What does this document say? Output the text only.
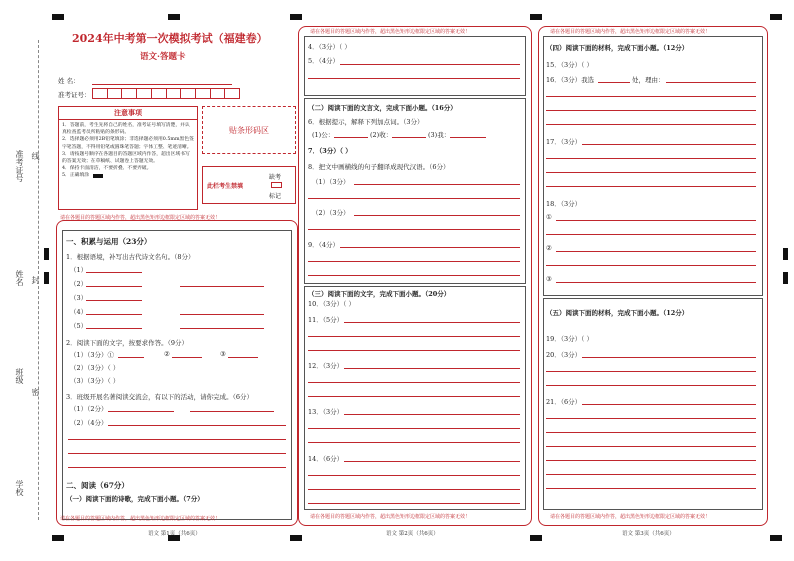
准考证号 线
姓名 封
班级
密
学校
2024年中考第一次模拟考试（福建卷）
语文·答题卡
姓 名：
准考证号：
注意事项
1．答题前，考生先将自己的姓名，准考证号填写清楚，并认真检查监考员所粘贴的条形码。
2．选择题必须用2B铅笔填涂；非选择题必须用0.5mm黑色签字笔答题，不得用铅笔或圆珠笔答题；字体工整、笔迹清晰。
3．请按题号顺序在各题目的答题区域内作答，超出区域书写的答案无效；在草稿纸、试题卷上答题无效。
4．保持卡面清洁，不要折叠、不要弄破。
5．正确填涂
贴条形码区
此栏考生禁填
缺考
标记
请在各题目的答题区域内作答，超出黑色矩形边框限定区域的答案无效！
一、积累与运用（23分）
1．根据语境，补写出古代诗文名句。（8分）
（1）
（2）
（3）
（4）
（5）
2．阅读下面的文字，按要求作答。（9分）
（1）（3分）①	②	③
（2）（3分）（ ）
（3）（3分）（ ）
3．班级开展名著阅读交流会，有以下的活动，请你完成。（6分）
（1）（2分）
（2）（4分）
二、阅读（67分）
（一）阅读下面的诗歌，完成下面小题。（7分）
请在各题目的答题区域内作答，超出黑色矩形边框限定区域的答案无效！
语文 第1页（共6页）
请在各题目的答题区域内作答，超出黑色矩形边框限定区域的答案无效！
4．（3分）（ ）
5．（4分）
（二）阅读下面的文言文，完成下面小题。（16分）
6．根据提示，解释下列加点词。（3分）
(1)公：	(2)收：	(3)我：
7．（3分）（ ）
8．把文中画横线的句子翻译成现代汉语。（6分）
（1）（3分）
（2）（3分）
9．（4分）
（三）阅读下面的文字，完成下面小题。（20分）
10．（3分）（ ）
11．（5分）
12．（3分）
13．（3分）
14．（6分）
请在各题目的答题区域内作答，超出黑色矩形边框限定区域的答案无效！
语文 第2页（共6页）
请在各题目的答题区域内作答，超出黑色矩形边框限定区域的答案无效！
（四）阅读下面的材料，完成下面小题。（12分）
15．（3分）（ ）
16．（3分）我选	处，理由：
17．（3分）
18．（3分）
①
②
③
（五）阅读下面的材料，完成下面小题。（12分）
19．（3分）（ ）
20．（3分）
21．（6分）
请在各题目的答题区域内作答，超出黑色矩形边框限定区域的答案无效！
语文 第3页（共6页）
